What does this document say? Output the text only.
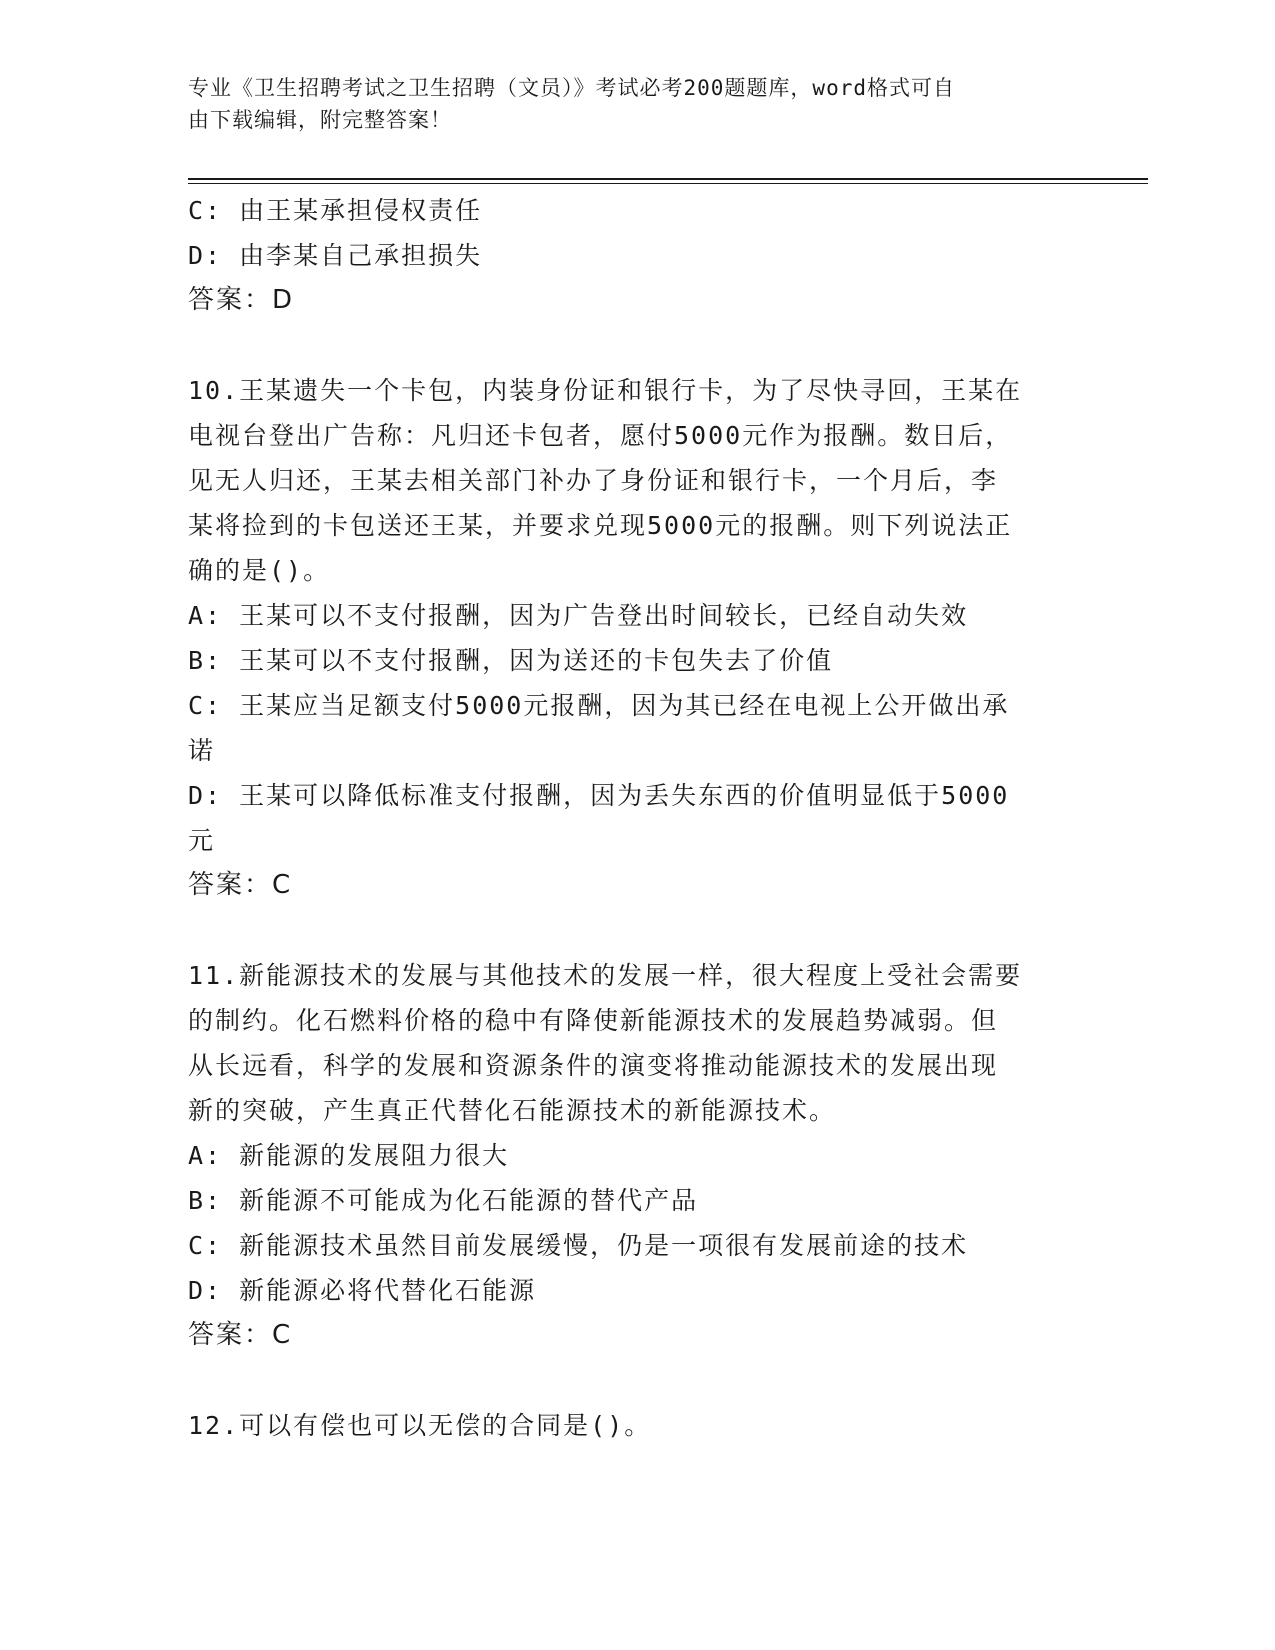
专业《卫生招聘考试之卫生招聘（文员）》考试必考200题题库，word格式可自
由下载编辑，附完整答案！

C: 由王某承担侵权责任

D: 由李某自己承担损失

答案：D

10.王某遗失一个卡包，内装身份证和银行卡，为了尽快寻回，王某在

电视台登出广告称：凡归还卡包者，愿付5000元作为报酬。数日后，

见无人归还，王某去相关部门补办了身份证和银行卡，一个月后，李

某将捡到的卡包送还王某，并要求兑现5000元的报酬。则下列说法正

确的是()。

A: 王某可以不支付报酬，因为广告登出时间较长，已经自动失效

B: 王某可以不支付报酬，因为送还的卡包失去了价值

C: 王某应当足额支付5000元报酬，因为其已经在电视上公开做出承

诺

D: 王某可以降低标准支付报酬，因为丢失东西的价值明显低于5000

元

答案：C

11.新能源技术的发展与其他技术的发展一样，很大程度上受社会需要

的制约。化石燃料价格的稳中有降使新能源技术的发展趋势减弱。但

从长远看，科学的发展和资源条件的演变将推动能源技术的发展出现

新的突破，产生真正代替化石能源技术的新能源技术。

A: 新能源的发展阻力很大

B: 新能源不可能成为化石能源的替代产品

C: 新能源技术虽然目前发展缓慢，仍是一项很有发展前途的技术

D: 新能源必将代替化石能源

答案：C

12.可以有偿也可以无偿的合同是()。
